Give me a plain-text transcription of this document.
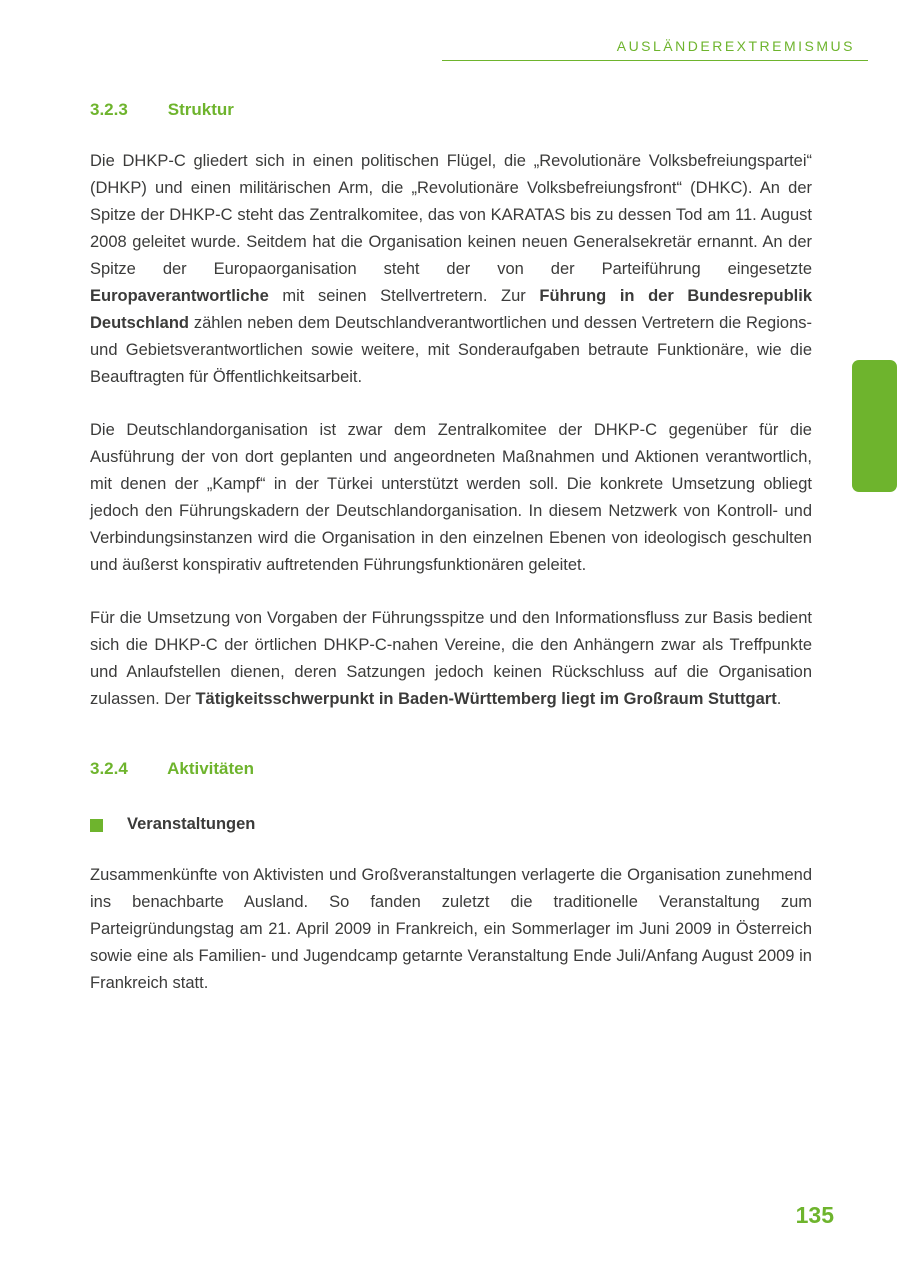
AUSLÄNDEREXTREMISMUS
3.2.3 Struktur

Die DHKP-C gliedert sich in einen politischen Flügel, die „Revolutionäre Volksbefreiungspartei“ (DHKP) und einen militärischen Arm, die „Revolutionäre Volksbefreiungsfront“ (DHKC). An der Spitze der DHKP-C steht das Zentralkomitee, das von KARATAS bis zu dessen Tod am 11. August 2008 geleitet wurde. Seitdem hat die Organisation keinen neuen Generalsekretär ernannt. An der Spitze der Europaorganisation steht der von der Parteiführung eingesetzte Europaverantwortliche mit seinen Stellvertretern. Zur Führung in der Bundesrepublik Deutschland zählen neben dem Deutschlandverantwortlichen und dessen Vertretern die Regions- und Gebietsverantwortlichen sowie weitere, mit Sonderaufgaben betraute Funktionäre, wie die Beauftragten für Öffentlichkeitsarbeit.

Die Deutschlandorganisation ist zwar dem Zentralkomitee der DHKP-C gegenüber für die Ausführung der von dort geplanten und angeordneten Maßnahmen und Aktionen verantwortlich, mit denen der „Kampf“ in der Türkei unterstützt werden soll. Die konkrete Umsetzung obliegt jedoch den Führungskadern der Deutschlandorganisation. In diesem Netzwerk von Kontroll- und Verbindungsinstanzen wird die Organisation in den einzelnen Ebenen von ideologisch geschulten und äußerst konspirativ auftretenden Führungsfunktionären geleitet.

Für die Umsetzung von Vorgaben der Führungsspitze und den Informationsfluss zur Basis bedient sich die DHKP-C der örtlichen DHKP-C-nahen Vereine, die den Anhängern zwar als Treffpunkte und Anlaufstellen dienen, deren Satzungen jedoch keinen Rückschluss auf die Organisation zulassen. Der Tätigkeitsschwerpunkt in Baden-Württemberg liegt im Großraum Stuttgart.

3.2.4 Aktivitäten
Veranstaltungen

Zusammenkünfte von Aktivisten und Großveranstaltungen verlagerte die Organisation zunehmend ins benachbarte Ausland. So fanden zuletzt die traditionelle Veranstaltung zum Parteigründungstag am 21. April 2009 in Frankreich, ein Sommerlager im Juni 2009 in Österreich sowie eine als Familien- und Jugendcamp getarnte Veranstaltung Ende Juli/Anfang August 2009 in Frankreich statt.

135
